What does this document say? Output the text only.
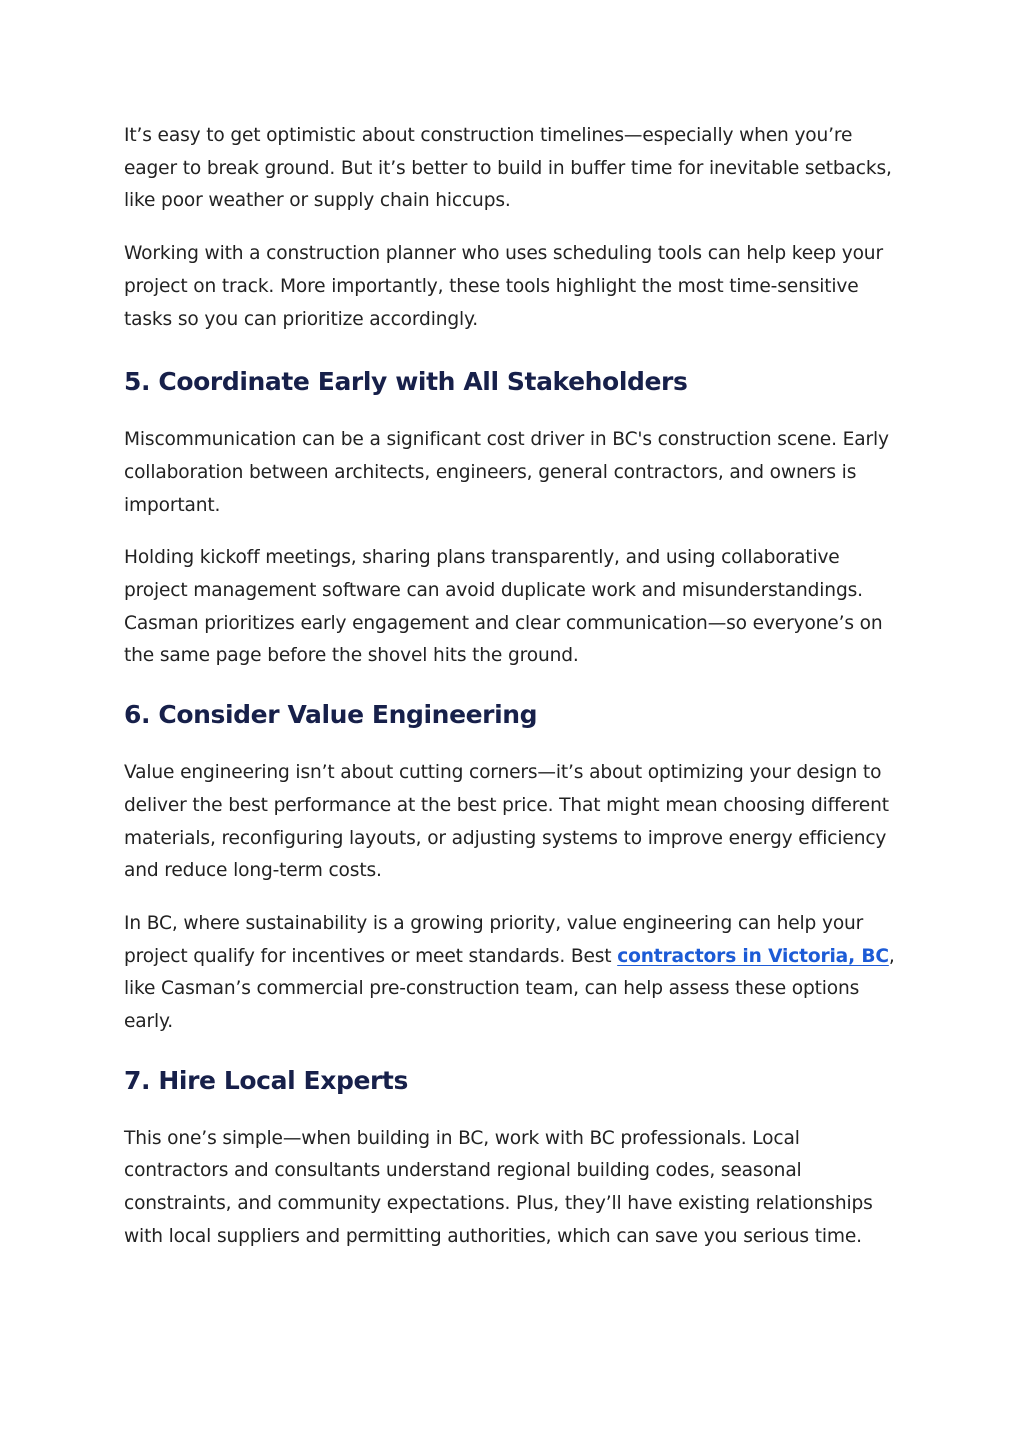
It’s easy to get optimistic about construction timelines—especially when you’re eager to break ground. But it’s better to build in buffer time for inevitable setbacks, like poor weather or supply chain hiccups.

Working with a construction planner who uses scheduling tools can help keep your project on track. More importantly, these tools highlight the most time-sensitive tasks so you can prioritize accordingly.

5. Coordinate Early with All Stakeholders

Miscommunication can be a significant cost driver in BC's construction scene. Early collaboration between architects, engineers, general contractors, and owners is important.

Holding kickoff meetings, sharing plans transparently, and using collaborative project management software can avoid duplicate work and misunderstandings. Casman prioritizes early engagement and clear communication—so everyone’s on the same page before the shovel hits the ground.

6. Consider Value Engineering

Value engineering isn’t about cutting corners—it’s about optimizing your design to deliver the best performance at the best price. That might mean choosing different materials, reconfiguring layouts, or adjusting systems to improve energy efficiency and reduce long-term costs.

In BC, where sustainability is a growing priority, value engineering can help your project qualify for incentives or meet standards. Best contractors in Victoria, BC, like Casman’s commercial pre-construction team, can help assess these options early.

7. Hire Local Experts

This one’s simple—when building in BC, work with BC professionals. Local contractors and consultants understand regional building codes, seasonal constraints, and community expectations. Plus, they’ll have existing relationships with local suppliers and permitting authorities, which can save you serious time.
